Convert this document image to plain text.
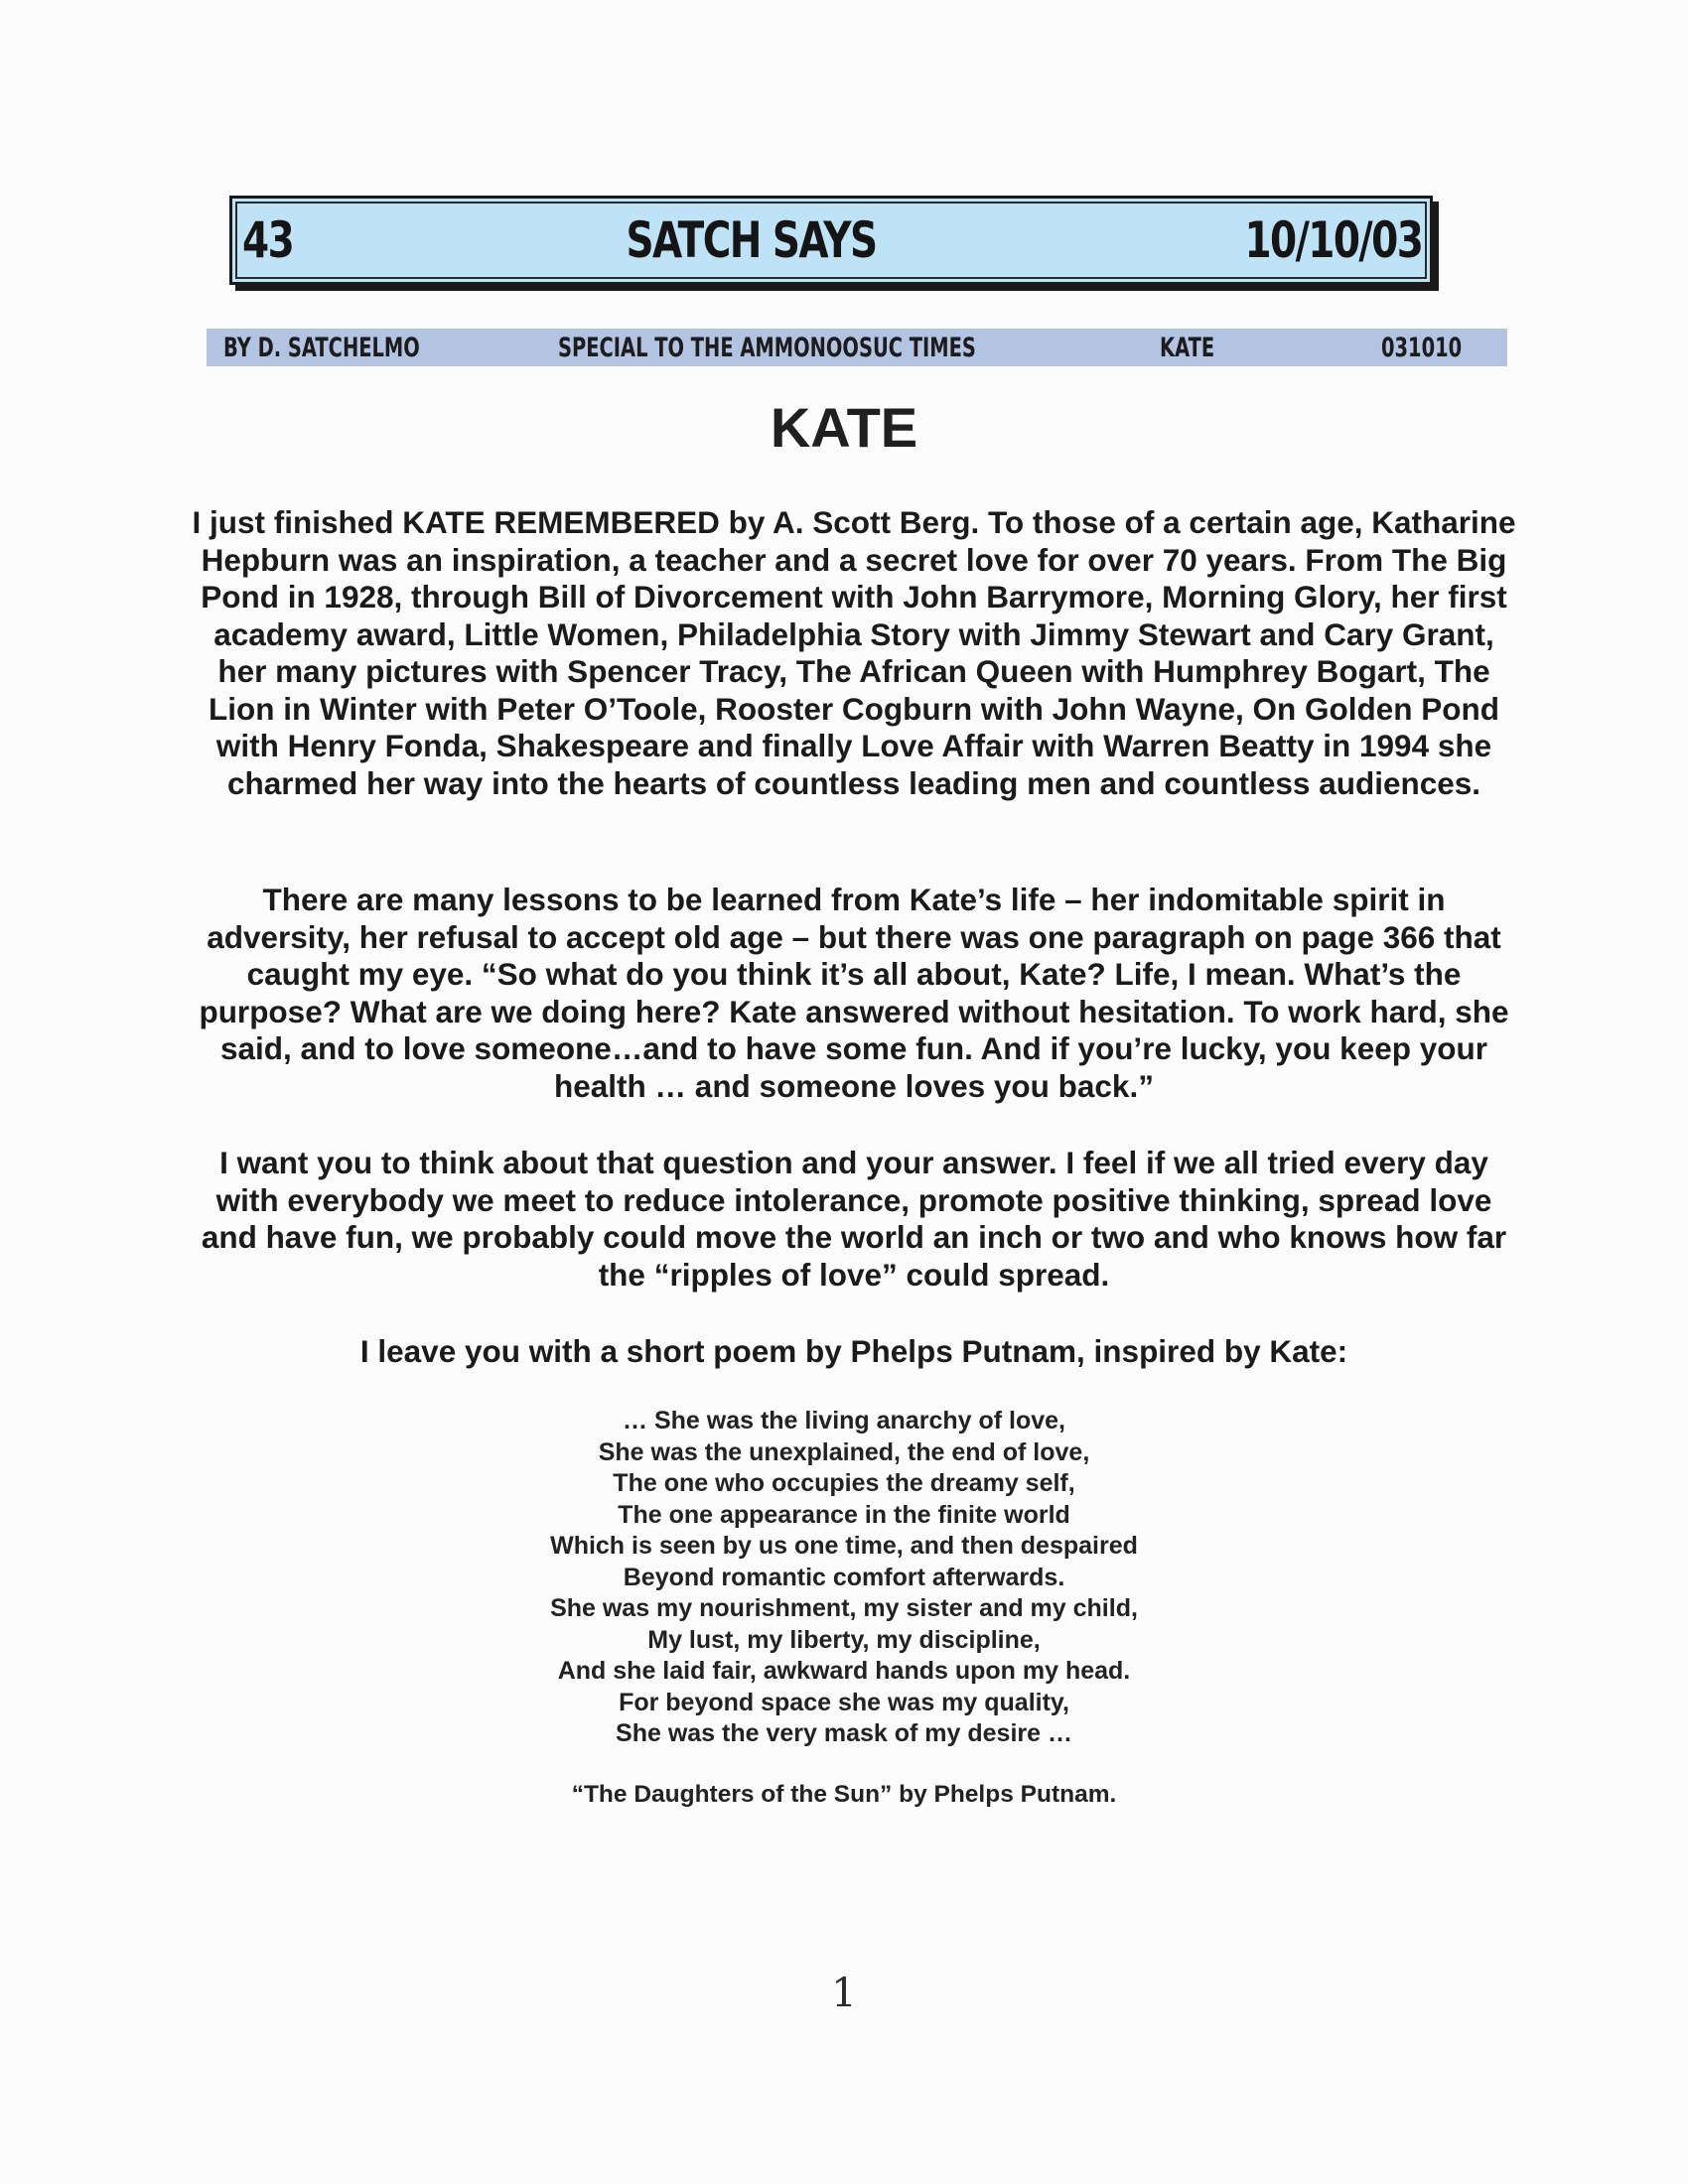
43	SATCH SAYS	10/10/03
BY D. SATCHELMO	SPECIAL TO THE AMMONOOSUC TIMES	KATE	031010
KATE
I just finished KATE REMEMBERED by A. Scott Berg. To those of a certain age, Katharine Hepburn was an inspiration, a teacher and a secret love for over 70 years. From The Big Pond in 1928, through Bill of Divorcement with John Barrymore, Morning Glory, her first academy award, Little Women, Philadelphia Story with Jimmy Stewart and Cary Grant, her many pictures with Spencer Tracy, The African Queen with Humphrey Bogart, The Lion in Winter with Peter O’Toole, Rooster Cogburn with John Wayne, On Golden Pond with Henry Fonda, Shakespeare and finally Love Affair with Warren Beatty in 1994 she charmed her way into the hearts of countless leading men and countless audiences.
There are many lessons to be learned from Kate’s life – her indomitable spirit in adversity, her refusal to accept old age – but there was one paragraph on page 366 that caught my eye. “So what do you think it’s all about, Kate? Life, I mean. What’s the purpose? What are we doing here? Kate answered without hesitation. To work hard, she said, and to love someone…and to have some fun. And if you’re lucky, you keep your health … and someone loves you back.”
I want you to think about that question and your answer. I feel if we all tried every day with everybody we meet to reduce intolerance, promote positive thinking, spread love and have fun, we probably could move the world an inch or two and who knows how far the “ripples of love” could spread.
I leave you with a short poem by Phelps Putnam, inspired by Kate:
… She was the living anarchy of love,
She was the unexplained, the end of love,
The one who occupies the dreamy self,
The one appearance in the finite world
Which is seen by us one time, and then despaired
Beyond romantic comfort afterwards.
She was my nourishment, my sister and my child,
My lust, my liberty, my discipline,
And she laid fair, awkward hands upon my head.
For beyond space she was my quality,
She was the very mask of my desire …
“The Daughters of the Sun” by Phelps Putnam.
1
